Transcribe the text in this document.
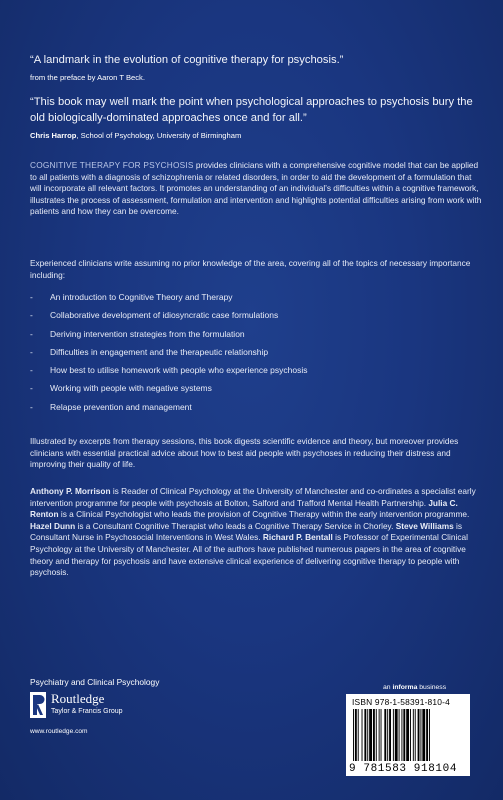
“A landmark in the evolution of cognitive therapy for psychosis.”
from the preface by Aaron T Beck.
“This book may well mark the point when psychological approaches to psychosis bury the old biologically-dominated approaches once and for all.”
Chris Harrop, School of Psychology, University of Birmingham
COGNITIVE THERAPY FOR PSYCHOSIS provides clinicians with a comprehensive cognitive model that can be applied to all patients with a diagnosis of schizophrenia or related disorders, in order to aid the development of a formulation that will incorporate all relevant factors. It promotes an understanding of an individual’s difficulties within a cognitive framework, illustrates the process of assessment, formulation and intervention and highlights potential difficulties arising from work with patients and how they can be overcome.
Experienced clinicians write assuming no prior knowledge of the area, covering all of the topics of necessary importance including:
- An introduction to Cognitive Theory and Therapy
- Collaborative development of idiosyncratic case formulations
- Deriving intervention strategies from the formulation
- Difficulties in engagement and the therapeutic relationship
- How best to utilise homework with people who experience psychosis
- Working with people with negative systems
- Relapse prevention and management
Illustrated by excerpts from therapy sessions, this book digests scientific evidence and theory, but moreover provides clinicians with essential practical advice about how to best aid people with psychoses in reducing their distress and improving their quality of life.
Anthony P. Morrison is Reader of Clinical Psychology at the University of Manchester and co-ordinates a specialist early intervention programme for people with psychosis at Bolton, Salford and Trafford Mental Health Partnership. Julia C. Renton is a Clinical Psychologist who leads the provision of Cognitive Therapy within the early intervention programme. Hazel Dunn is a Consultant Cognitive Therapist who leads a Cognitive Therapy Service in Chorley. Steve Williams is Consultant Nurse in Psychosocial Interventions in West Wales. Richard P. Bentall is Professor of Experimental Clinical Psychology at the University of Manchester. All of the authors have published numerous papers in the area of cognitive theory and therapy for psychosis and have extensive clinical experience of delivering cognitive therapy to people with psychosis.
Psychiatry and Clinical Psychology
Routledge
Taylor & Francis Group
www.routledge.com
an informa business
ISBN 978-1-58391-810-4
9 781583 918104
